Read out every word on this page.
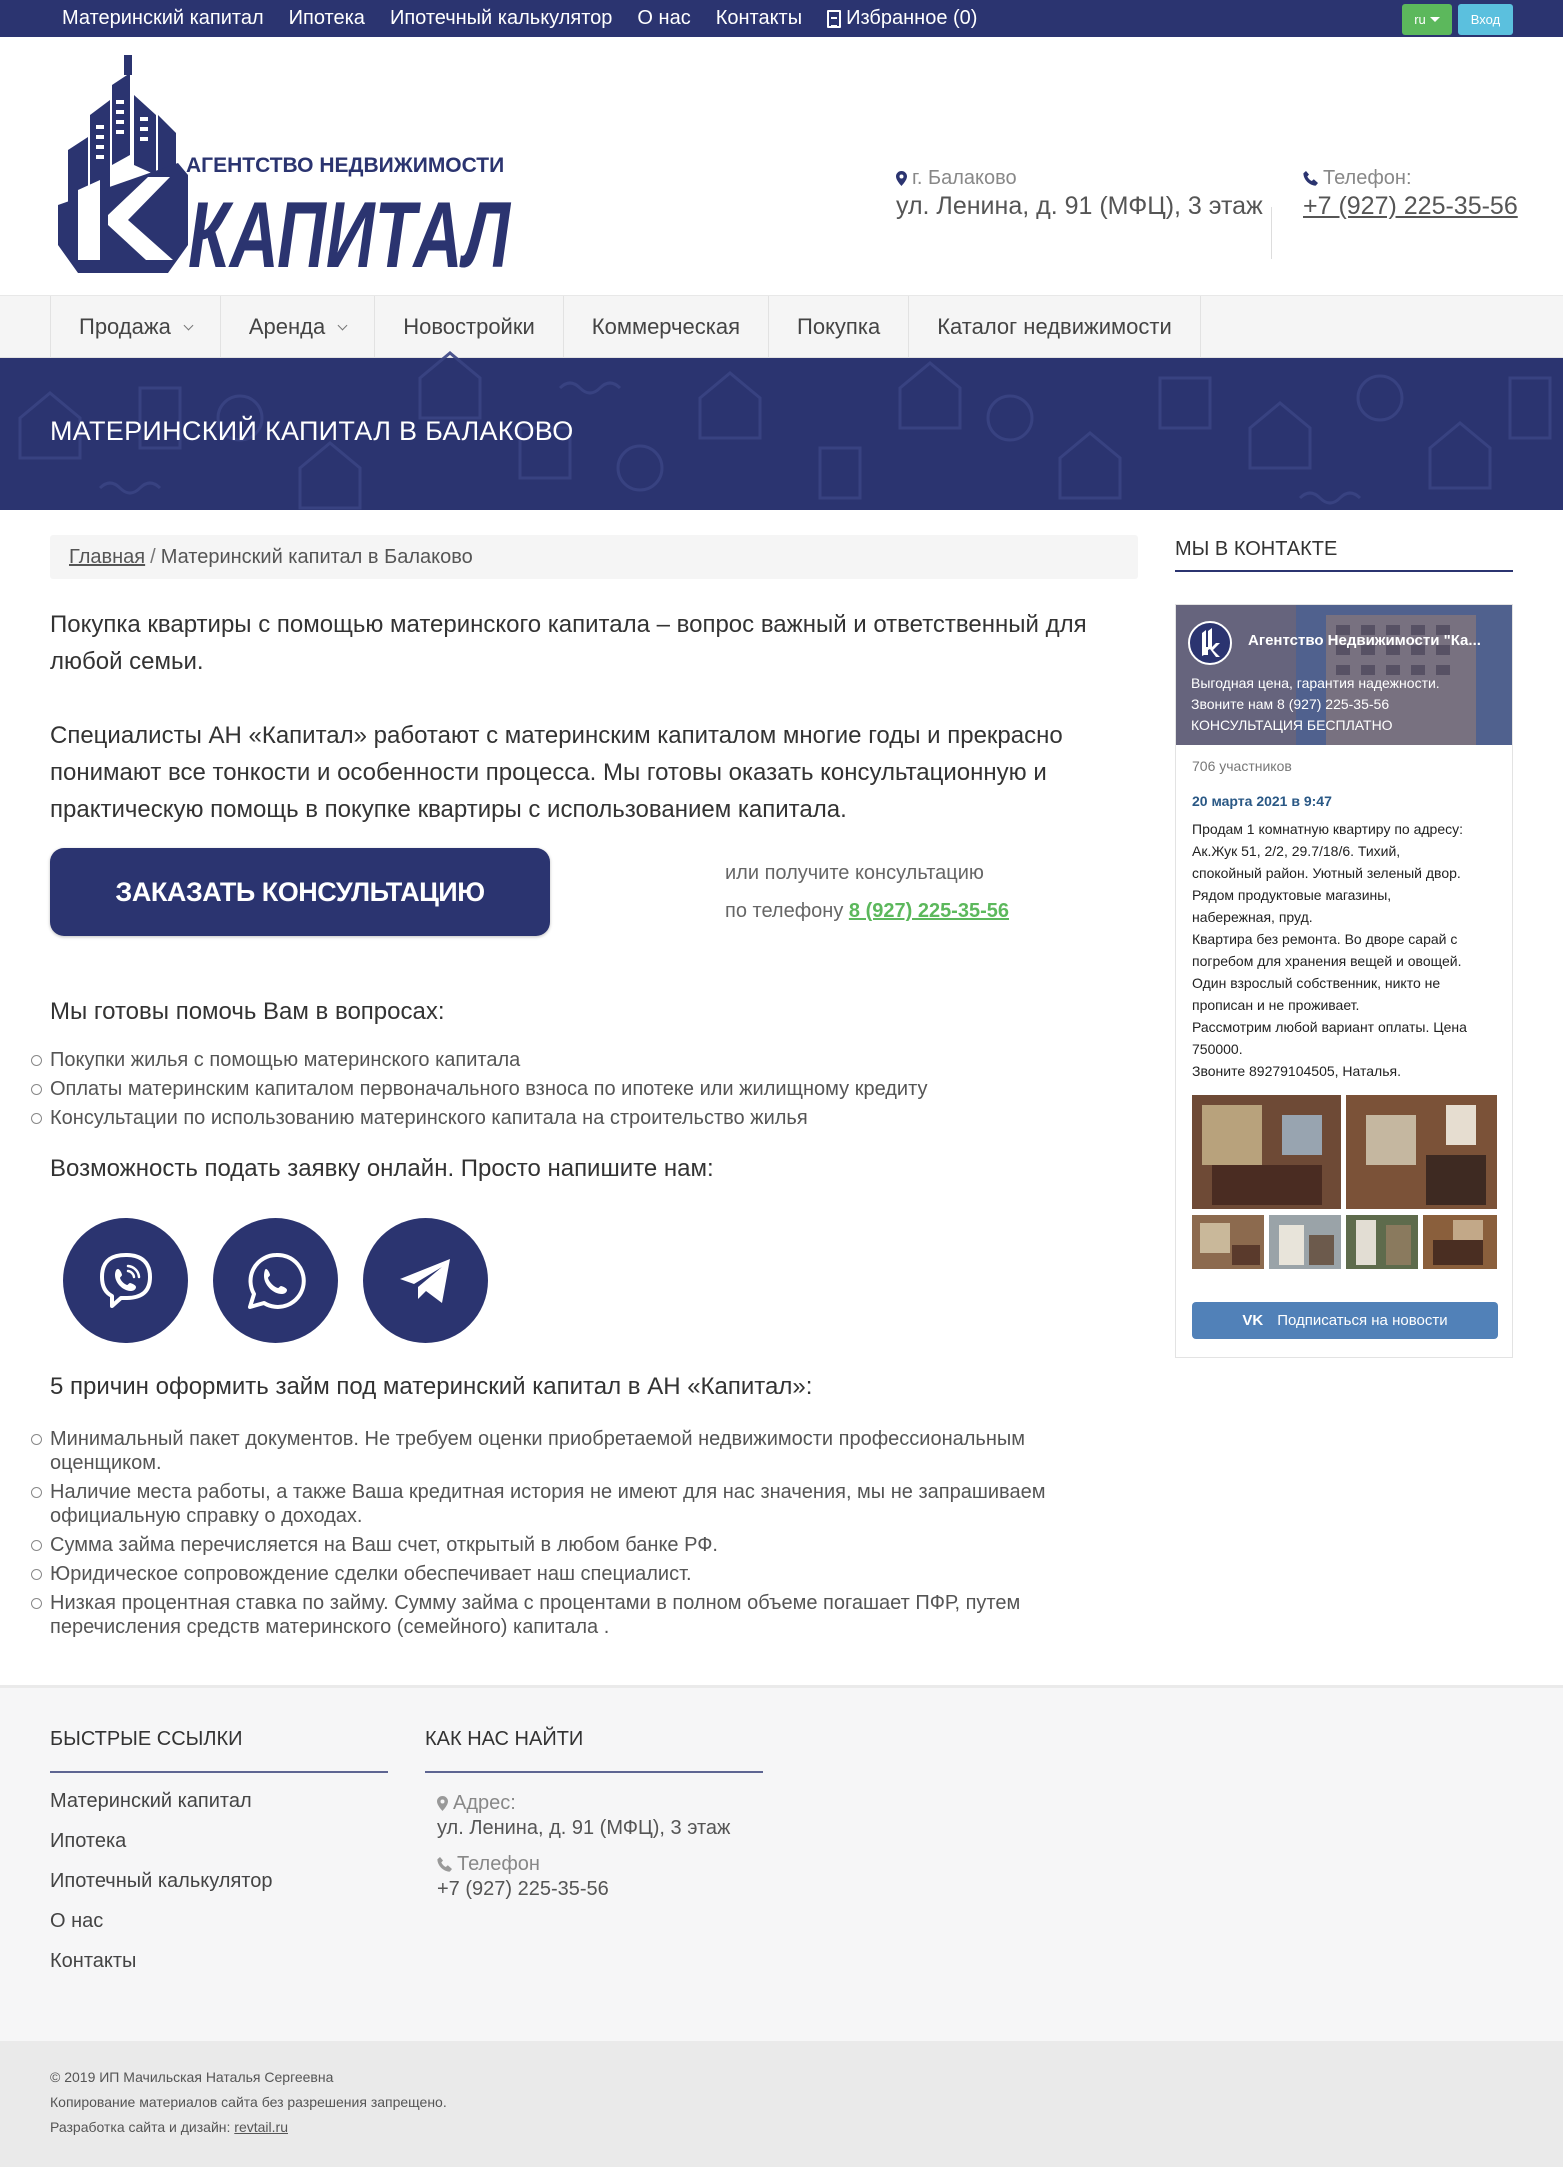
Материнский капитал Ипотека Ипотечный калькулятор О нас Контакты Избранное (0)	ru	Вход
АГЕНТСТВО НЕДВИЖИМОСТИ
КАПИТАЛ
г. Балаково
ул. Ленина, д. 91 (МФЦ), 3 этаж
Телефон:
+7 (927) 225-35-56
Продажа	Аренда	Новостройки	Коммерческая	Покупка	Каталог недвижимости
МАТЕРИНСКИЙ КАПИТАЛ В БАЛАКОВО
Главная / Материнский капитал в Балаково

Покупка квартиры с помощью материнского капитала – вопрос важный и ответственный для любой семьи.

Специалисты АН «Капитал» работают с материнским капиталом многие годы и прекрасно понимают все тонкости и особенности процесса. Мы готовы оказать консультационную и практическую помощь в покупке квартиры с использованием капитала.

ЗАКАЗАТЬ КОНСУЛЬТАЦИЮ
или получите консультацию
по телефону 8 (927) 225-35-56
Мы готовы помочь Вам в вопросах:
Покупки жилья с помощью материнского капитала
Оплаты материнским капиталом первоначального взноса по ипотеке или жилищному кредиту
Консультации по использованию материнского капитала на строительство жилья
Возможность подать заявку онлайн. Просто напишите нам:
5 причин оформить займ под материнский капитал в АН «Капитал»:
Минимальный пакет документов. Не требуем оценки приобретаемой недвижимости профессиональным оценщиком.
Наличие места работы, а также Ваша кредитная история не имеют для нас значения, мы не запрашиваем официальную справку о доходах.
Сумма займа перечисляется на Ваш счет, открытый в любом банке РФ.
Юридическое сопровождение сделки обеспечивает наш специалист.
Низкая процентная ставка по займу. Сумму займа с процентами в полном объеме погашает ПФР, путем перечисления средств материнского (семейного) капитала .
МЫ В КОНТАКТЕ
Агентство Недвижимости "Ка...
Выгодная цена, гарантия надежности.
Звоните нам 8 (927) 225-35-56
КОНСУЛЬТАЦИЯ БЕСПЛАТНО
706 участников
20 марта 2021 в 9:47

Продам 1 комнатную квартиру по адресу:

Ак.Жук 51, 2/2, 29.7/18/6. Тихий,

спокойный район. Уютный зеленый двор.

Рядом продуктовые магазины,

набережная, пруд.

Квартира без ремонта. Во дворе сарай с

погребом для хранения вещей и овощей.

Один взрослый собственник, никто не

прописан и не проживает.

Рассмотрим любой вариант оплаты. Цена

750000.

Звоните 89279104505, Наталья.

VK Подписаться на новости
БЫСТРЫЕ ССЫЛКИ	КАК НАС НАЙТИ
Материнский капитал
Ипотека
Ипотечный калькулятор
О нас
Контакты
Адрес:
ул. Ленина, д. 91 (МФЦ), 3 этаж
Телефон
+7 (927) 225-35-56
© 2019 ИП Мачильская Наталья Сергеевна
Копирование материалов сайта без разрешения запрещено.
Разработка сайта и дизайн: revtail.ru
